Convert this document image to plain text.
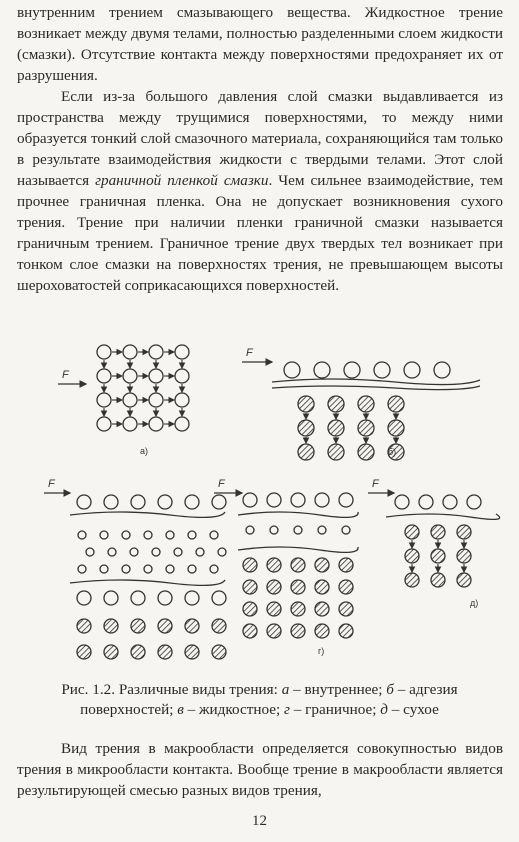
внутренним трением смазывающего вещества. Жидкостное трение возникает между двумя телами, полностью разделенными слоем жидкости (смазки). Отсутствие контакта между поверхностями предохраняет их от разрушения.

Если из-за большого давления слой смазки выдавливается из пространства между трущимися поверхностями, то между ними образуется тонкий слой смазочного материала, сохраняющийся там только в результате взаимодействия жидкости с твердыми телами. Этот слой называется граничной пленкой смазки. Чем сильнее взаимодействие, тем прочнее граничная пленка. Она не допускает возникновения сухого трения. Трение при наличии пленки граничной смазки называется граничным трением. Граничное трение двух твердых тел возникает при тонком слое смазки на поверхностях трения, не превышающем высоты шероховатостей соприкасающихся поверхностей.

F
а)
F
б)
F	F
г)
F
д)

Рис. 1.2. Различные виды трения: а – внутреннее; б – адгезия
поверхностей; в – жидкостное; г – граничное; д – сухое

Вид трения в макрообласти определяется совокупностью видов трения в микрообласти контакта. Вообще трение в макрообласти является результирующей смесью разных видов трения,

12
